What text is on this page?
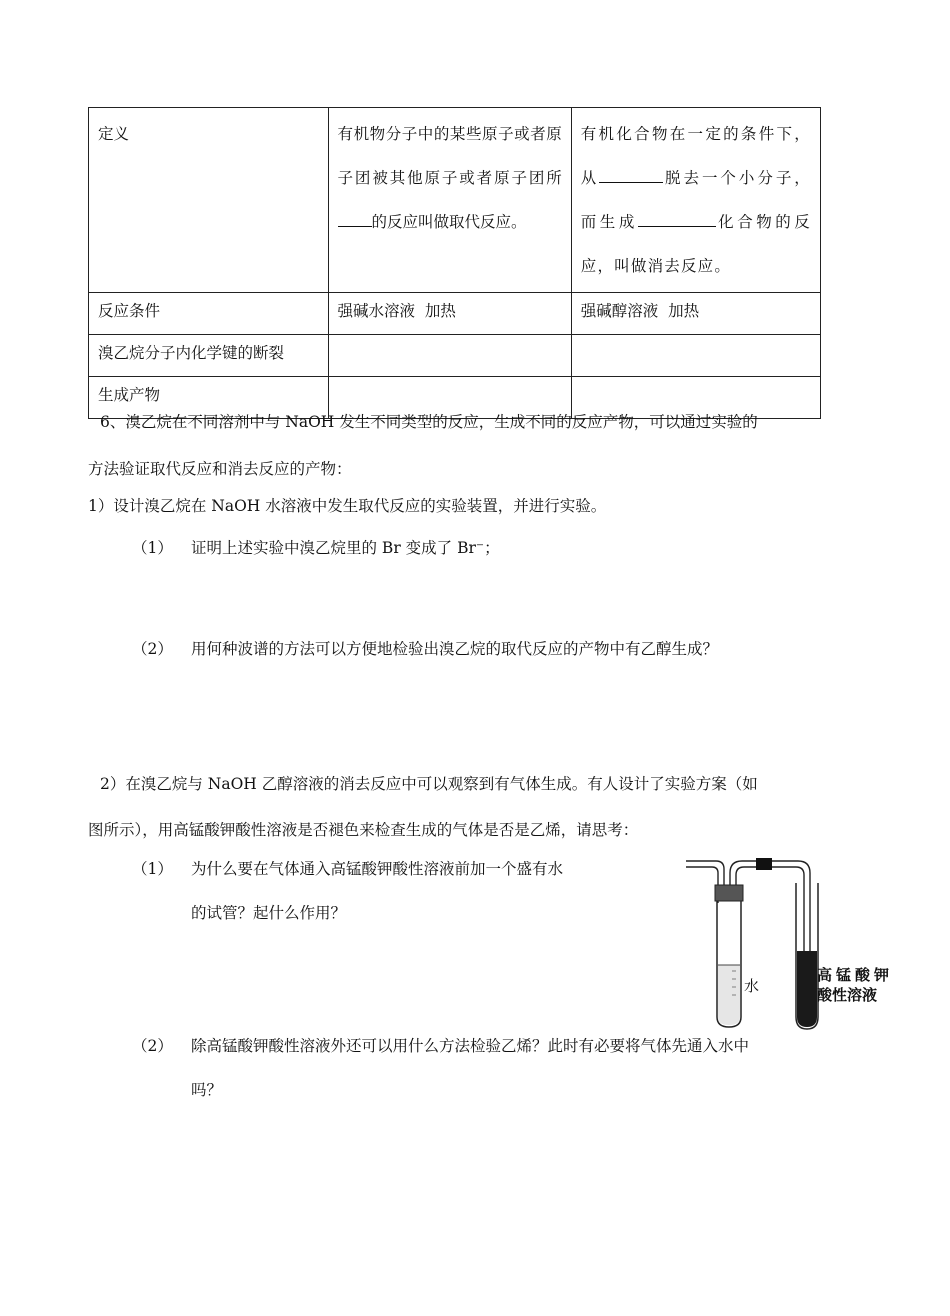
定义	有机物分子中的某些原子或者原子团被其他原子或者原子团所的反应叫做取代反应。	有机化合物在一定的条件下，从 脱去一个小分子，而生成 化合物的反应，叫做消去反应。
反应条件	强碱水溶液  加热	强碱醇溶液  加热
溴乙烷分子内化学键的断裂		
生成产物		
6、溴乙烷在不同溶剂中与 NaOH 发生不同类型的反应，生成不同的反应产物，可以通过实验的
方法验证取代反应和消去反应的产物：
1）设计溴乙烷在 NaOH 水溶液中发生取代反应的实验装置，并进行实验。
（1） 证明上述实验中溴乙烷里的 Br 变成了 Br⁻；
（2） 用何种波谱的方法可以方便地检验出溴乙烷的取代反应的产物中有乙醇生成？
2）在溴乙烷与 NaOH 乙醇溶液的消去反应中可以观察到有气体生成。有人设计了实验方案（如
图所示），用高锰酸钾酸性溶液是否褪色来检查生成的气体是否是乙烯，请思考：
（1） 为什么要在气体通入高锰酸钾酸性溶液前加一个盛有水
的试管？起什么作用？
（2） 除高锰酸钾酸性溶液外还可以用什么方法检验乙烯？此时有必要将气体先通入水中
吗？
水
高锰酸钾
酸性溶液
